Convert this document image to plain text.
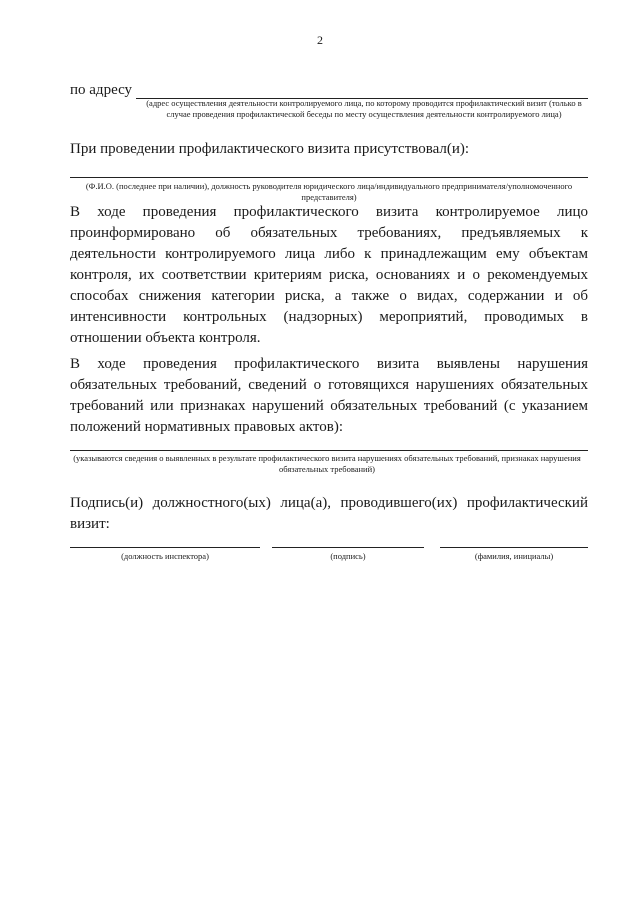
2
по адресу
(адрес осуществления деятельности контролируемого лица, по которому проводится профилактический визит (только в случае проведения профилактической беседы по месту осуществления деятельности контролируемого лица)
При проведении профилактического визита присутствовал(и):
(Ф.И.О. (последнее при наличии), должность руководителя юридического лица/индивидуального предпринимателя/уполномоченного представителя)
В ходе проведения профилактического визита контролируемое лицо проинформировано об обязательных требованиях, предъявляемых к деятельности контролируемого лица либо к принадлежащим ему объектам контроля, их соответствии критериям риска, основаниях и о рекомендуемых способах снижения категории риска, а также о видах, содержании и об интенсивности контрольных (надзорных) мероприятий, проводимых в отношении объекта контроля.
В ходе проведения профилактического визита выявлены нарушения обязательных требований, сведений о готовящихся нарушениях обязательных требований или признаках нарушений обязательных требований (с указанием положений нормативных правовых актов):
(указываются сведения о выявленных в результате профилактического визита нарушениях обязательных требований, признаках нарушения обязательных требований)
Подпись(и) должностного(ых) лица(а), проводившего(их) профилактический визит:
(должность инспектора)	(подпись)	(фамилия, инициалы)
